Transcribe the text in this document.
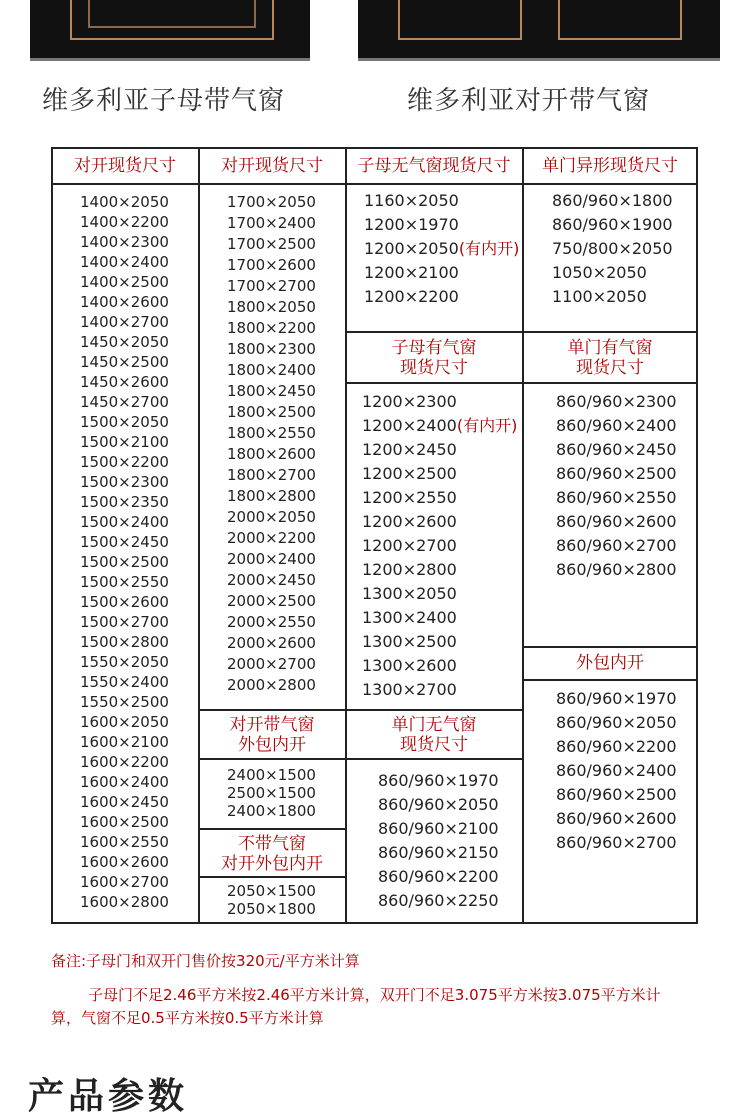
维多利亚子母带气窗	维多利亚对开带气窗
对开现货尺寸
1400×2050
1400×2200
1400×2300
1400×2400
1400×2500
1400×2600
1400×2700
1450×2050
1450×2500
1450×2600
1450×2700
1500×2050
1500×2100
1500×2200
1500×2300
1500×2350
1500×2400
1500×2450
1500×2500
1500×2550
1500×2600
1500×2700
1500×2800
1550×2050
1550×2400
1550×2500
1600×2050
1600×2100
1600×2200
1600×2400
1600×2450
1600×2500
1600×2550
1600×2600
1600×2700
1600×2800
对开现货尺寸
1700×2050
1700×2400
1700×2500
1700×2600
1700×2700
1800×2050
1800×2200
1800×2300
1800×2400
1800×2450
1800×2500
1800×2550
1800×2600
1800×2700
1800×2800
2000×2050
2000×2200
2000×2400
2000×2450
2000×2500
2000×2550
2000×2600
2000×2700
2000×2800
对开带气窗
外包内开
2400×1500
2500×1500
2400×1800
不带气窗
对开外包内开
2050×1500
2050×1800
子母无气窗现货尺寸
1160×2050
1200×1970
1200×2050(有内开)
1200×2100
1200×2200
子母有气窗
现货尺寸
1200×2300
1200×2400(有内开)
1200×2450
1200×2500
1200×2550
1200×2600
1200×2700
1200×2800
1300×2050
1300×2400
1300×2500
1300×2600
1300×2700
单门无气窗
现货尺寸
860/960×1970
860/960×2050
860/960×2100
860/960×2150
860/960×2200
860/960×2250
单门异形现货尺寸
860/960×1800
860/960×1900
750/800×2050
1050×2050
1100×2050
单门有气窗
现货尺寸
860/960×2300
860/960×2400
860/960×2450
860/960×2500
860/960×2550
860/960×2600
860/960×2700
860/960×2800
外包内开
860/960×1970
860/960×2050
860/960×2200
860/960×2400
860/960×2500
860/960×2600
860/960×2700
备注:子母门和双开门售价按320元/平方米计算
子母门不足2.46平方米按2.46平方米计算，双开门不足3.075平方米按3.075平方米计
算，气窗不足0.5平方米按0.5平方米计算
产品参数
